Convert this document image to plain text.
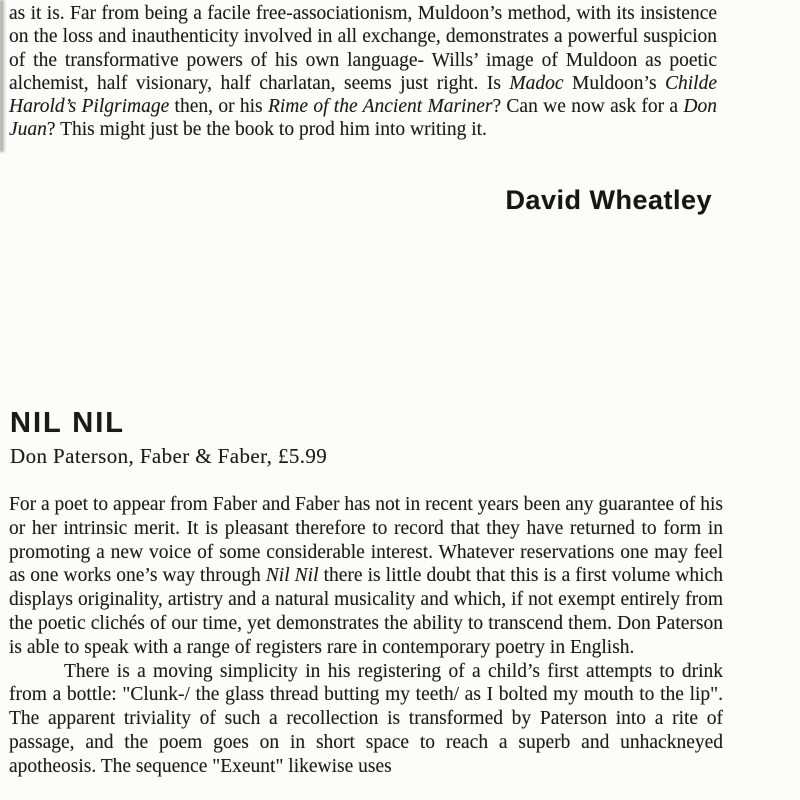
as it is. Far from being a facile free-associationism, Muldoon’s method, with its insistence on the loss and inauthenticity involved in all exchange, demonstrates a powerful suspicion of the transformative powers of his own language- Wills’ image of Muldoon as poetic alchemist, half visionary, half charlatan, seems just right. Is Madoc Muldoon’s Childe Harold’s Pilgrimage then, or his Rime of the Ancient Mariner? Can we now ask for a Don Juan? This might just be the book to prod him into writing it.

David Wheatley
NIL NIL
Don Paterson, Faber & Faber, £5.99

For a poet to appear from Faber and Faber has not in recent years been any guarantee of his or her intrinsic merit. It is pleasant therefore to record that they have returned to form in promoting a new voice of some considerable interest. Whatever reservations one may feel as one works one’s way through Nil Nil there is little doubt that this is a first volume which displays originality, artistry and a natural musicality and which, if not exempt entirely from the poetic clichés of our time, yet demonstrates the ability to transcend them. Don Paterson is able to speak with a range of registers rare in contemporary poetry in English.

There is a moving simplicity in his registering of a child’s first attempts to drink from a bottle: "Clunk-/ the glass thread butting my teeth/ as I bolted my mouth to the lip". The apparent triviality of such a recollection is transformed by Paterson into a rite of passage, and the poem goes on in short space to reach a superb and unhackneyed apotheosis. The sequence "Exeunt" likewise uses
